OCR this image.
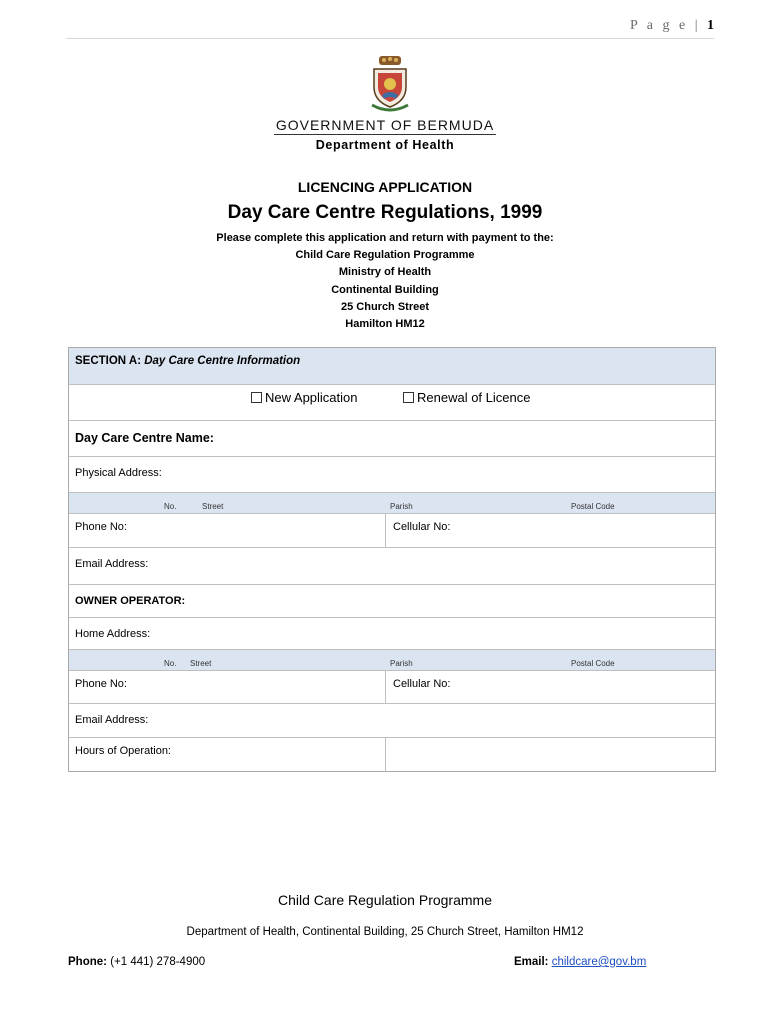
P a g e | 1
GOVERNMENT OF BERMUDA
Department of Health
LICENCING APPLICATION
Day Care Centre Regulations, 1999
Please complete this application and return with payment to the:
Child Care Regulation Programme
Ministry of Health
Continental Building
25 Church Street
Hamilton HM12
SECTION A: Day Care Centre Information
New Application	Renewal of Licence
Day Care Centre Name:
Physical Address:
No.	Street	Parish	Postal Code
Phone No:	Cellular No:
Email Address:
OWNER OPERATOR:
Home Address:
No. Street	Parish	Postal Code
Phone No:	Cellular No:
Email Address:
Hours of Operation:
Child Care Regulation Programme
Department of Health, Continental Building, 25 Church Street, Hamilton HM12
Phone: (+1 441) 278-4900	Email: childcare@gov.bm
